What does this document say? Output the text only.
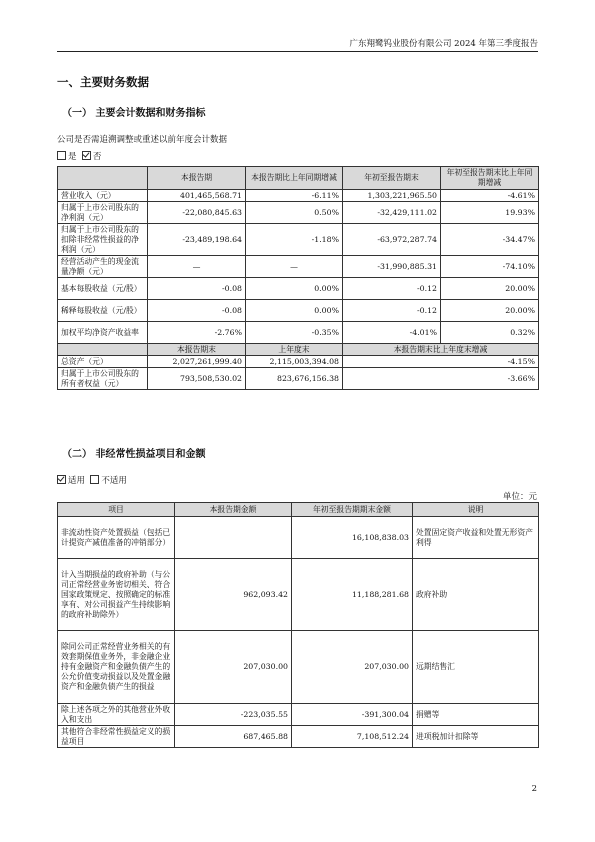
广东翔鹭钨业股份有限公司 2024 年第三季度报告
一、主要财务数据
（一） 主要会计数据和财务指标
公司是否需追溯调整或重述以前年度会计数据
是 否
	本报告期	本报告期比上年同期增减	年初至报告期末	年初至报告期末比上年同期增减
营业收入（元）	401,465,568.71	-6.11%	1,303,221,965.50	-4.61%
归属于上市公司股东的净利润（元）	-22,080,845.63	0.50%	-32,429,111.02	19.93%
归属于上市公司股东的扣除非经常性损益的净利润（元）	-23,489,198.64	-1.18%	-63,972,287.74	-34.47%
经营活动产生的现金流量净额（元）	—	—	-31,990,885.31	-74.10%
基本每股收益（元/股）	-0.08	0.00%	-0.12	20.00%
稀释每股收益（元/股）	-0.08	0.00%	-0.12	20.00%
加权平均净资产收益率	-2.76%	-0.35%	-4.01%	0.32%
	本报告期末	上年度末	本报告期末比上年度末增减	
总资产（元）	2,027,261,999.40	2,115,003,394.08	-4.15%	
归属于上市公司股东的所有者权益（元）	793,508,530.02	823,676,156.38	-3.66%	
（二） 非经常性损益项目和金额
适用 不适用
单位：元
项目	本报告期金额	年初至报告期期末金额	说明
非流动性资产处置损益（包括已计提资产减值准备的冲销部分）		16,108,838.03	处置固定资产收益和处置无形资产利得
计入当期损益的政府补助（与公司正常经营业务密切相关、符合国家政策规定、按照确定的标准享有、对公司损益产生持续影响的政府补助除外）	962,093.42	11,188,281.68	政府补助
除同公司正常经营业务相关的有效套期保值业务外，非金融企业持有金融资产和金融负债产生的公允价值变动损益以及处置金融资产和金融负债产生的损益	207,030.00	207,030.00	远期结售汇
除上述各项之外的其他营业外收入和支出	-223,035.55	-391,300.04	捐赠等
其他符合非经常性损益定义的损益项目	687,465.88	7,108,512.24	进项税加计扣除等
2
